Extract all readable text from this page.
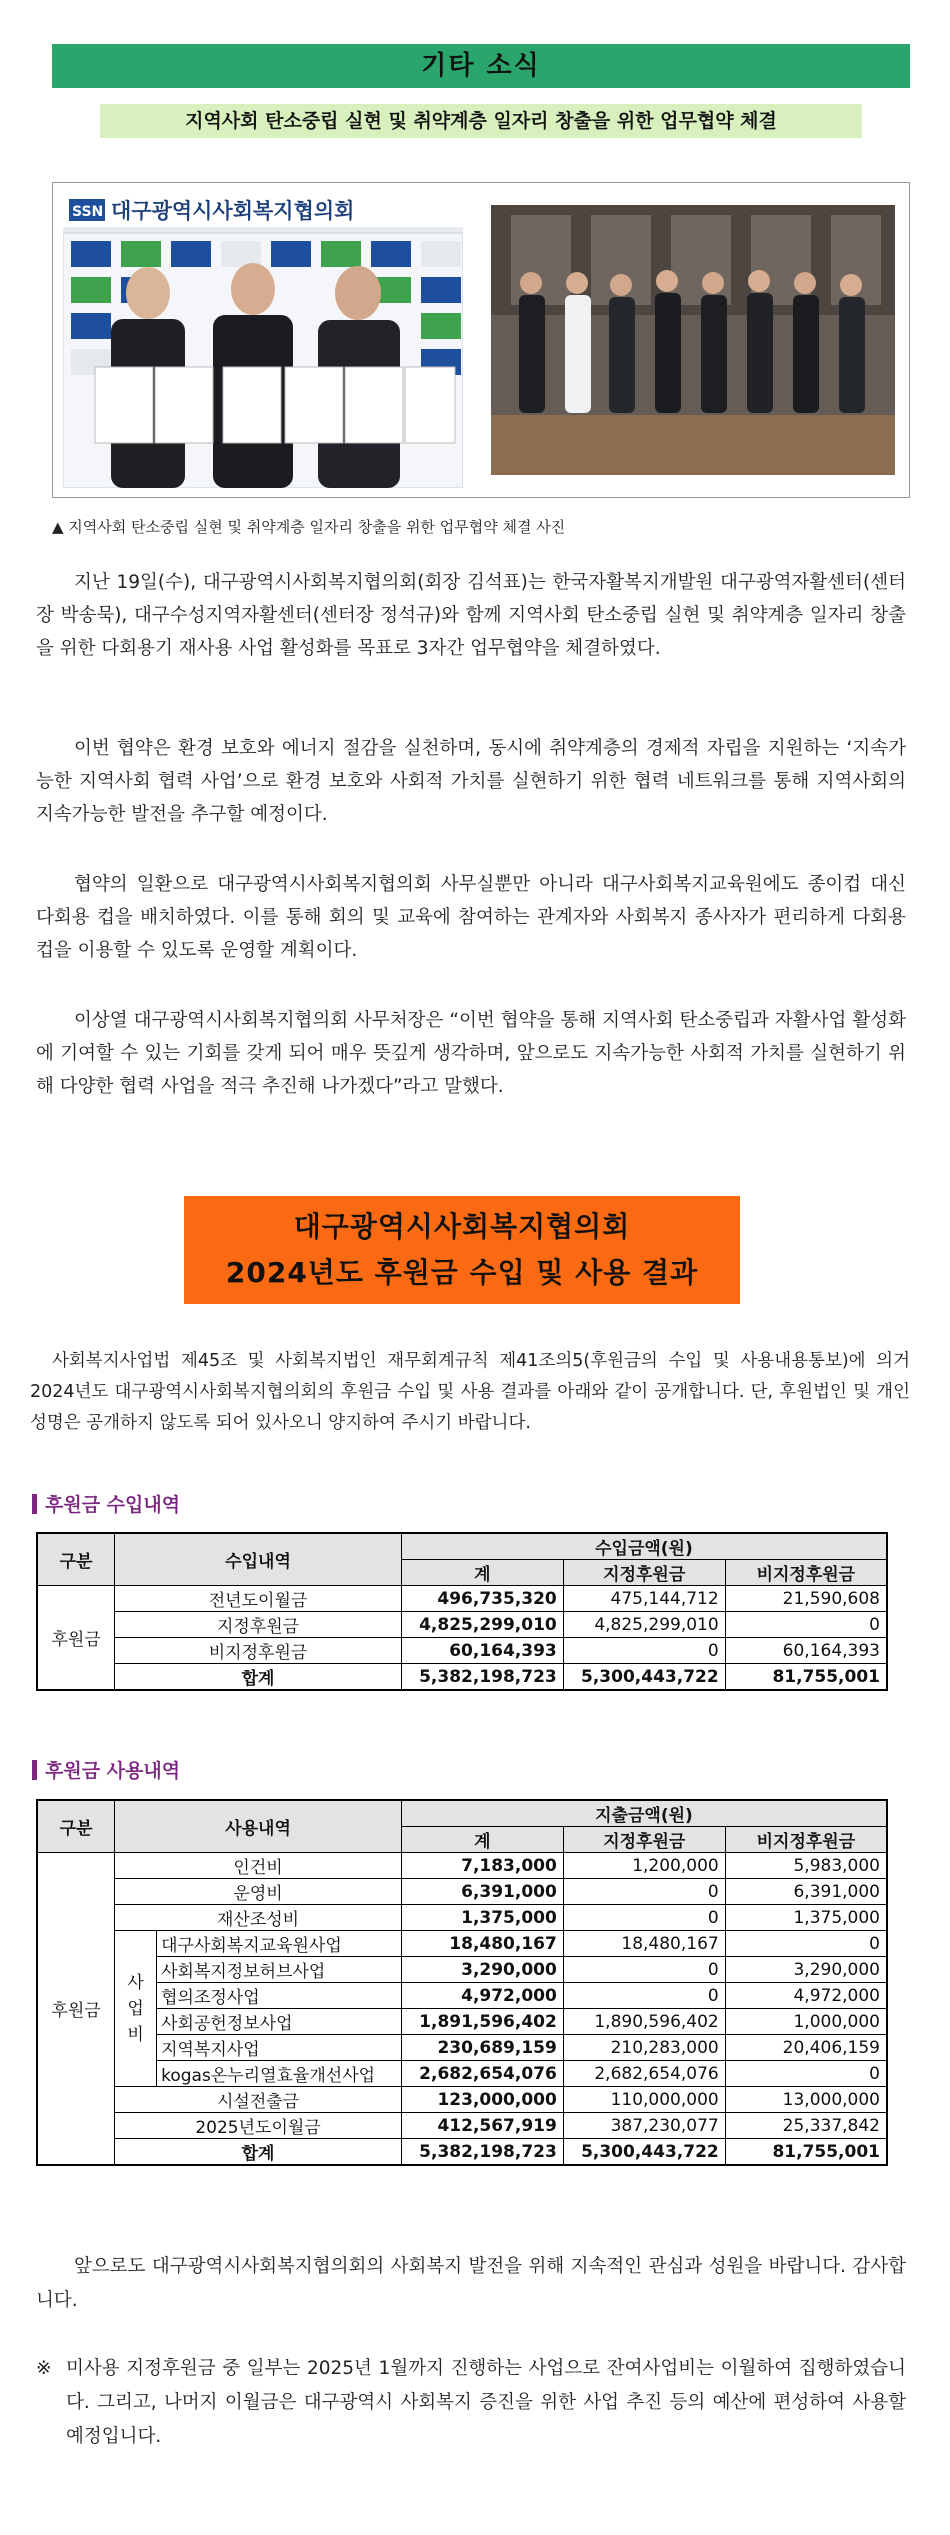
기타 소식
지역사회 탄소중립 실현 및 취약계층 일자리 창출을 위한 업무협약 체결
SSN 대구광역시사회복지협의회
▲ 지역사회 탄소중립 실현 및 취약계층 일자리 창출을 위한 업무협약 체결 사진

지난 19일(수), 대구광역시사회복지협의회(회장 김석표)는 한국자활복지개발원 대구광역자활센터(센터장 박송묵), 대구수성지역자활센터(센터장 정석규)와 함께 지역사회 탄소중립 실현 및 취약계층 일자리 창출을 위한 다회용기 재사용 사업 활성화를 목표로 3자간 업무협약을 체결하였다.

이번 협약은 환경 보호와 에너지 절감을 실천하며, 동시에 취약계층의 경제적 자립을 지원하는 ‘지속가능한 지역사회 협력 사업’으로 환경 보호와 사회적 가치를 실현하기 위한 협력 네트워크를 통해 지역사회의 지속가능한 발전을 추구할 예정이다.

협약의 일환으로 대구광역시사회복지협의회 사무실뿐만 아니라 대구사회복지교육원에도 종이컵 대신 다회용 컵을 배치하였다. 이를 통해 회의 및 교육에 참여하는 관계자와 사회복지 종사자가 편리하게 다회용 컵을 이용할 수 있도록 운영할 계획이다.

이상열 대구광역시사회복지협의회 사무처장은 “이번 협약을 통해 지역사회 탄소중립과 자활사업 활성화에 기여할 수 있는 기회를 갖게 되어 매우 뜻깊게 생각하며, 앞으로도 지속가능한 사회적 가치를 실현하기 위해 다양한 협력 사업을 적극 추진해 나가겠다”라고 말했다.

대구광역시사회복지협의회
2024년도 후원금 수입 및 사용 결과

사회복지사업법 제45조 및 사회복지법인 재무회계규칙 제41조의5(후원금의 수입 및 사용내용통보)에 의거 2024년도 대구광역시사회복지협의회의 후원금 수입 및 사용 결과를 아래와 같이 공개합니다. 단, 후원법인 및 개인성명은 공개하지 않도록 되어 있사오니 양지하여 주시기 바랍니다.

후원금 수입내역
구분	수입내역	수입금액(원)		
		계	지정후원금	비지정후원금
후원금	전년도이월금	496,735,320	475,144,712	21,590,608
	지정후원금	4,825,299,010	4,825,299,010	0
	비지정후원금	60,164,393	0	60,164,393
	합계	5,382,198,723	5,300,443,722	81,755,001
후원금 사용내역
구분	사용내역		지출금액(원)		
			계	지정후원금	비지정후원금
후원금	인건비		7,183,000	1,200,000	5,983,000
	운영비		6,391,000	0	6,391,000
	재산조성비		1,375,000	0	1,375,000
	사업비	대구사회복지교육원사업	18,480,167	18,480,167	0
		사회복지정보허브사업	3,290,000	0	3,290,000
		협의조정사업	4,972,000	0	4,972,000
		사회공헌정보사업	1,891,596,402	1,890,596,402	1,000,000
		지역복지사업	230,689,159	210,283,000	20,406,159
		kogas온누리열효율개선사업	2,682,654,076	2,682,654,076	0
	시설전출금		123,000,000	110,000,000	13,000,000
	2025년도이월금		412,567,919	387,230,077	25,337,842
	합계		5,382,198,723	5,300,443,722	81,755,001

앞으로도 대구광역시사회복지협의회의 사회복지 발전을 위해 지속적인 관심과 성원을 바랍니다. 감사합니다.

※ 미사용 지정후원금 중 일부는 2025년 1월까지 진행하는 사업으로 잔여사업비는 이월하여 집행하였습니다. 그리고, 나머지 이월금은 대구광역시 사회복지 증진을 위한 사업 추진 등의 예산에 편성하여 사용할 예정입니다.
